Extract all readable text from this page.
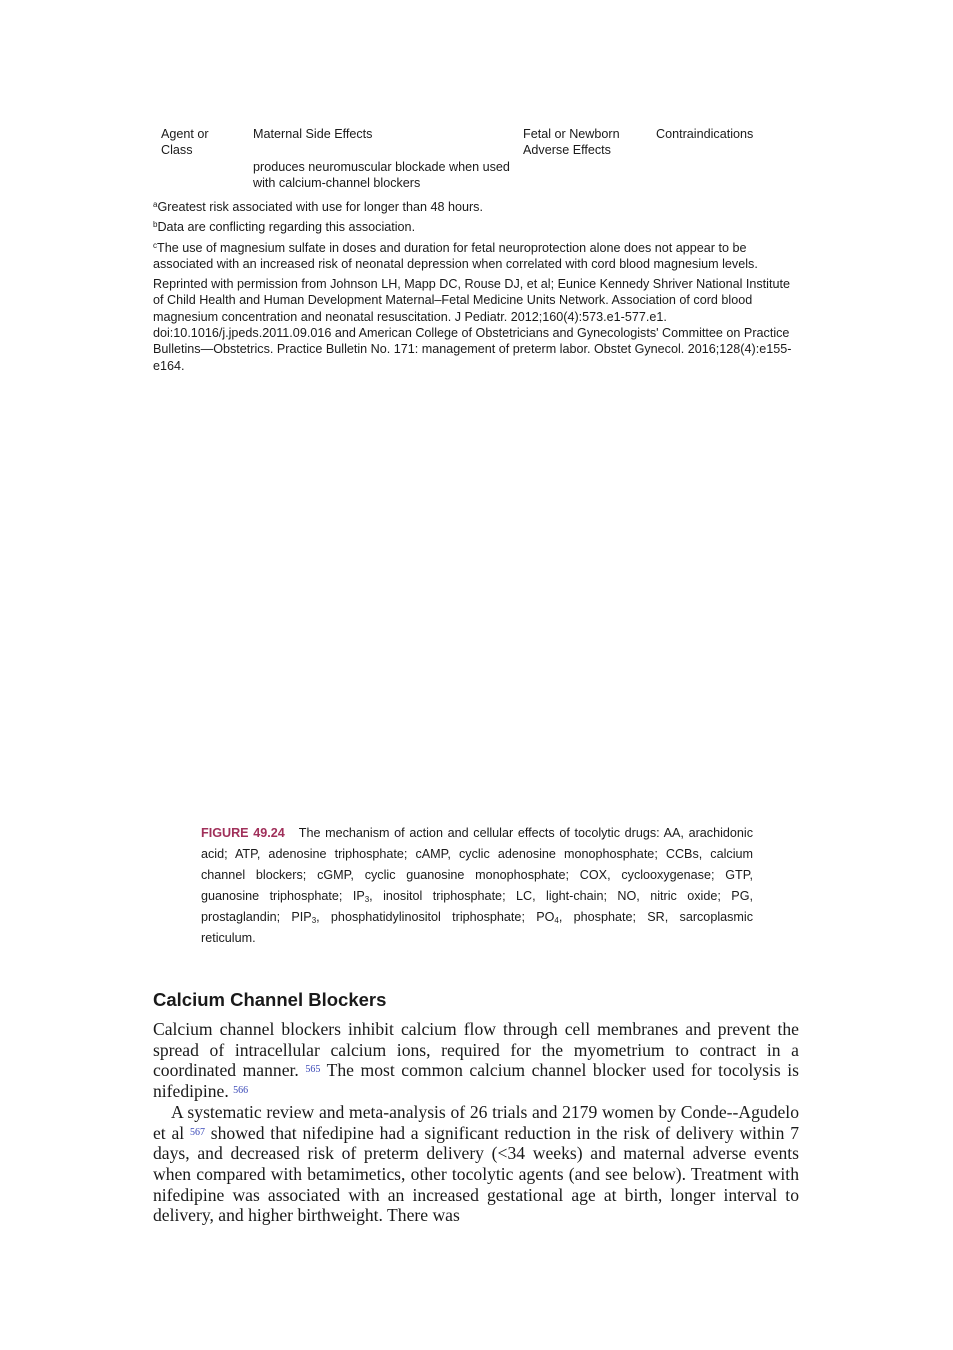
Agent or Class
Maternal Side Effects	Fetal or Newborn Adverse Effects
Contraindications
produces neuromuscular blockade when used with calcium-channel blockers

$^a$Greatest risk associated with use for longer than 48 hours.

$^b$Data are conflicting regarding this association.

$^c$The use of magnesium sulfate in doses and duration for fetal neuroprotection alone does not appear to be associated with an increased risk of neonatal depression when correlated with cord blood magnesium levels.

Reprinted with permission from Johnson LH, Mapp DC, Rouse DJ, et al; Eunice Kennedy Shriver National Institute of Child Health and Human Development Maternal–Fetal Medicine Units Network. Association of cord blood magnesium concentration and neonatal resuscitation. J Pediatr. 2012;160(4):573.e1-577.e1. doi:10.1016/j.jpeds.2011.09.016 and American College of Obstetricians and Gynecologists' Committee on Practice Bulletins—Obstetrics. Practice Bulletin No. 171: management of preterm labor. Obstet Gynecol. 2016;128(4):e155-e164.

FIGURE 49.24 The mechanism of action and cellular effects of tocolytic drugs: AA, arachidonic acid; ATP, adenosine triphosphate; cAMP, cyclic adenosine monophosphate; CCBs, calcium channel blockers; cGMP, cyclic guanosine monophosphate; COX, cyclooxygenase; GTP, guanosine triphosphate; $IP_3$, inositol triphosphate; LC, light-chain; NO, nitric oxide; PG, prostaglandin; $PIP_3$, phosphatidylinositol triphosphate; $PO_4$, phosphate; SR, sarcoplasmic reticulum.
Calcium Channel Blockers

Calcium channel blockers inhibit calcium flow through cell membranes and prevent the spread of intracellular calcium ions, required for the myometrium to contract in a coordinated manner. $^{565}$ The most common calcium channel blocker used for tocolysis is nifedipine. $^{566}$

A systematic review and meta-analysis of 26 trials and 2179 women by Conde--Agudelo et al $^{567}$ showed that nifedipine had a significant reduction in the risk of delivery within 7 days, and decreased risk of preterm delivery (<34 weeks) and maternal adverse events when compared with betamimetics, other tocolytic agents (and see below). Treatment with nifedipine was associated with an increased gestational age at birth, longer interval to delivery, and higher birthweight. There was
